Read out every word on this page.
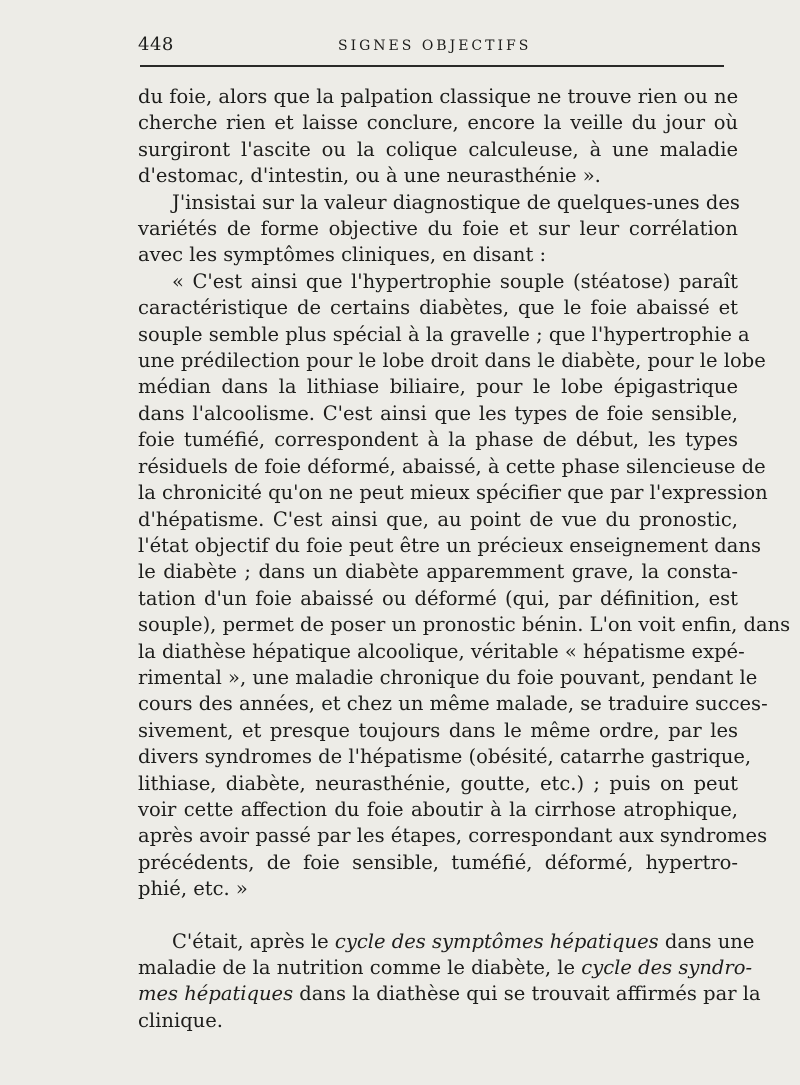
448	SIGNES OBJECTIFS
du foie, alors que la palpation classique ne trouve rien ou ne
cherche rien et laisse conclure, encore la veille du jour où
surgiront l'ascite ou la colique calculeuse, à une maladie
d'estomac, d'intestin, ou à une neurasthénie ».
J'insistai sur la valeur diagnostique de quelques-unes des
variétés de forme objective du foie et sur leur corrélation
avec les symptômes cliniques, en disant :
« C'est ainsi que l'hypertrophie souple (stéatose) paraît
caractéristique de certains diabètes, que le foie abaissé et
souple semble plus spécial à la gravelle ; que l'hypertrophie a
une prédilection pour le lobe droit dans le diabète, pour le lobe
médian dans la lithiase biliaire, pour le lobe épigastrique
dans l'alcoolisme. C'est ainsi que les types de foie sensible,
foie tuméfié, correspondent à la phase de début, les types
résiduels de foie déformé, abaissé, à cette phase silencieuse de
la chronicité qu'on ne peut mieux spécifier que par l'expression
d'hépatisme. C'est ainsi que, au point de vue du pronostic,
l'état objectif du foie peut être un précieux enseignement dans
le diabète ; dans un diabète apparemment grave, la consta-
tation d'un foie abaissé ou déformé (qui, par définition, est
souple), permet de poser un pronostic bénin. L'on voit enfin, dans
la diathèse hépatique alcoolique, véritable « hépatisme expé-
rimental », une maladie chronique du foie pouvant, pendant le
cours des années, et chez un même malade, se traduire succes-
sivement, et presque toujours dans le même ordre, par les
divers syndromes de l'hépatisme (obésité, catarrhe gastrique,
lithiase, diabète, neurasthénie, goutte, etc.) ; puis on peut
voir cette affection du foie aboutir à la cirrhose atrophique,
après avoir passé par les étapes, correspondant aux syndromes
précédents, de foie sensible, tuméfié, déformé, hypertro-
phié, etc. »
C'était, après le cycle des symptômes hépatiques dans une
maladie de la nutrition comme le diabète, le cycle des syndro-
mes hépatiques dans la diathèse qui se trouvait affirmés par la
clinique.
